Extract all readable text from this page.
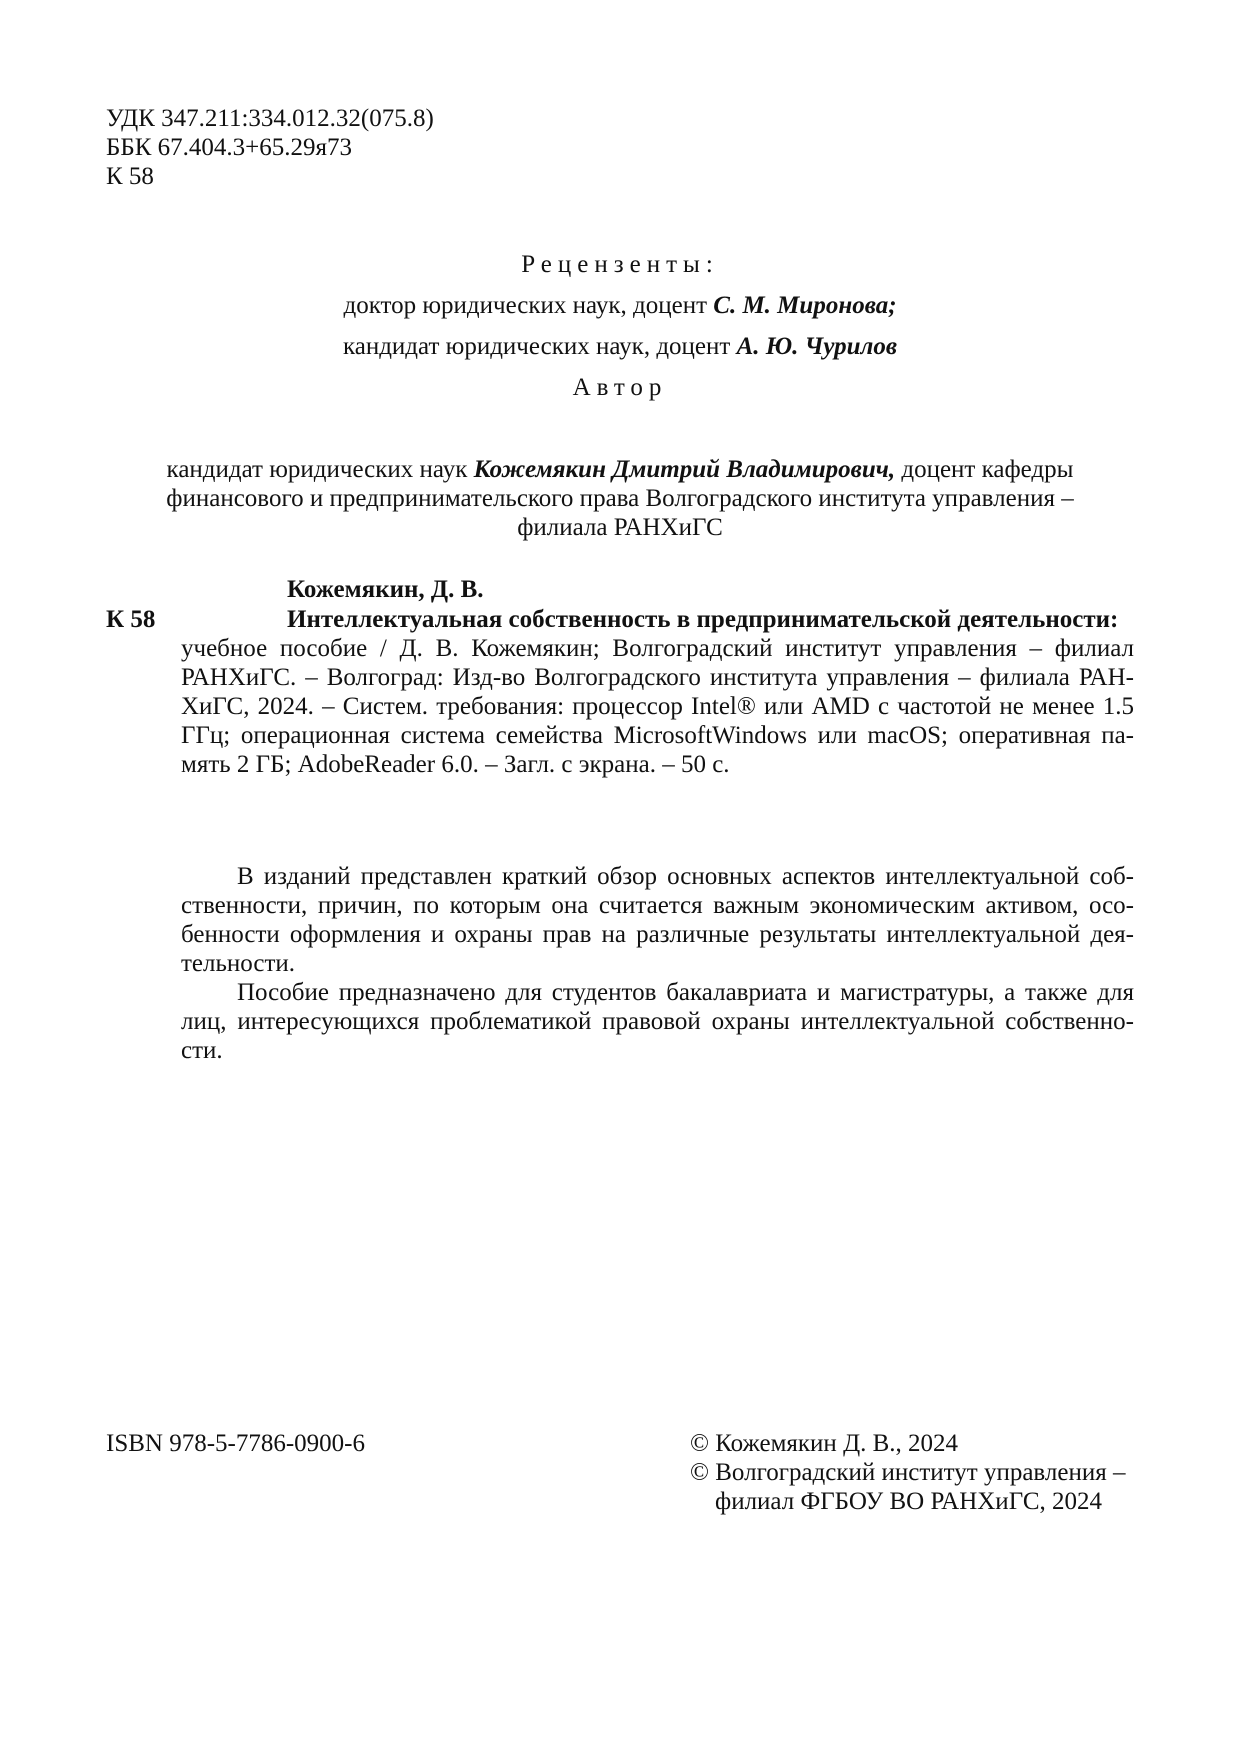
УДК 347.211:334.012.32(075.8)
ББК 67.404.3+65.29я73
К 58
Рецензенты:
доктор юридических наук, доцент С. М. Миронова;
кандидат юридических наук, доцент А. Ю. Чурилов
Автор
кандидат юридических наук Кожемякин Дмитрий Владимирович, доцент кафедры
финансового и предпринимательского права Волгоградского института управления –
филиала РАНХиГС
Кожемякин, Д. В.
К 58	Интеллектуальная собственность в предпринимательской деятельности:
учебное пособие / Д. В. Кожемякин; Волгоградский институт управления – филиал
РАНХиГС. – Волгоград: Изд-во Волгоградского института управления – филиала РАН-
ХиГС, 2024. – Систем. требования: процессор Intel® или AMD с частотой не менее 1.5
ГГц; операционная система семейства MicrosoftWindows или macOS; оперативная па-
мять 2 ГБ; AdobeReader 6.0. – Загл. с экрана. – 50 с.
В изданий представлен краткий обзор основных аспектов интеллектуальной соб-
ственности, причин, по которым она считается важным экономическим активом, осо-
бенности оформления и охраны прав на различные результаты интеллектуальной дея-
тельности.
Пособие предназначено для студентов бакалавриата и магистратуры, а также для
лиц, интересующихся проблематикой правовой охраны интеллектуальной собственно-
сти.
ISBN 978-5-7786-0900-6	© Кожемякин Д. В., 2024
© Волгоградский институт управления –
филиал ФГБОУ ВО РАНХиГС, 2024
